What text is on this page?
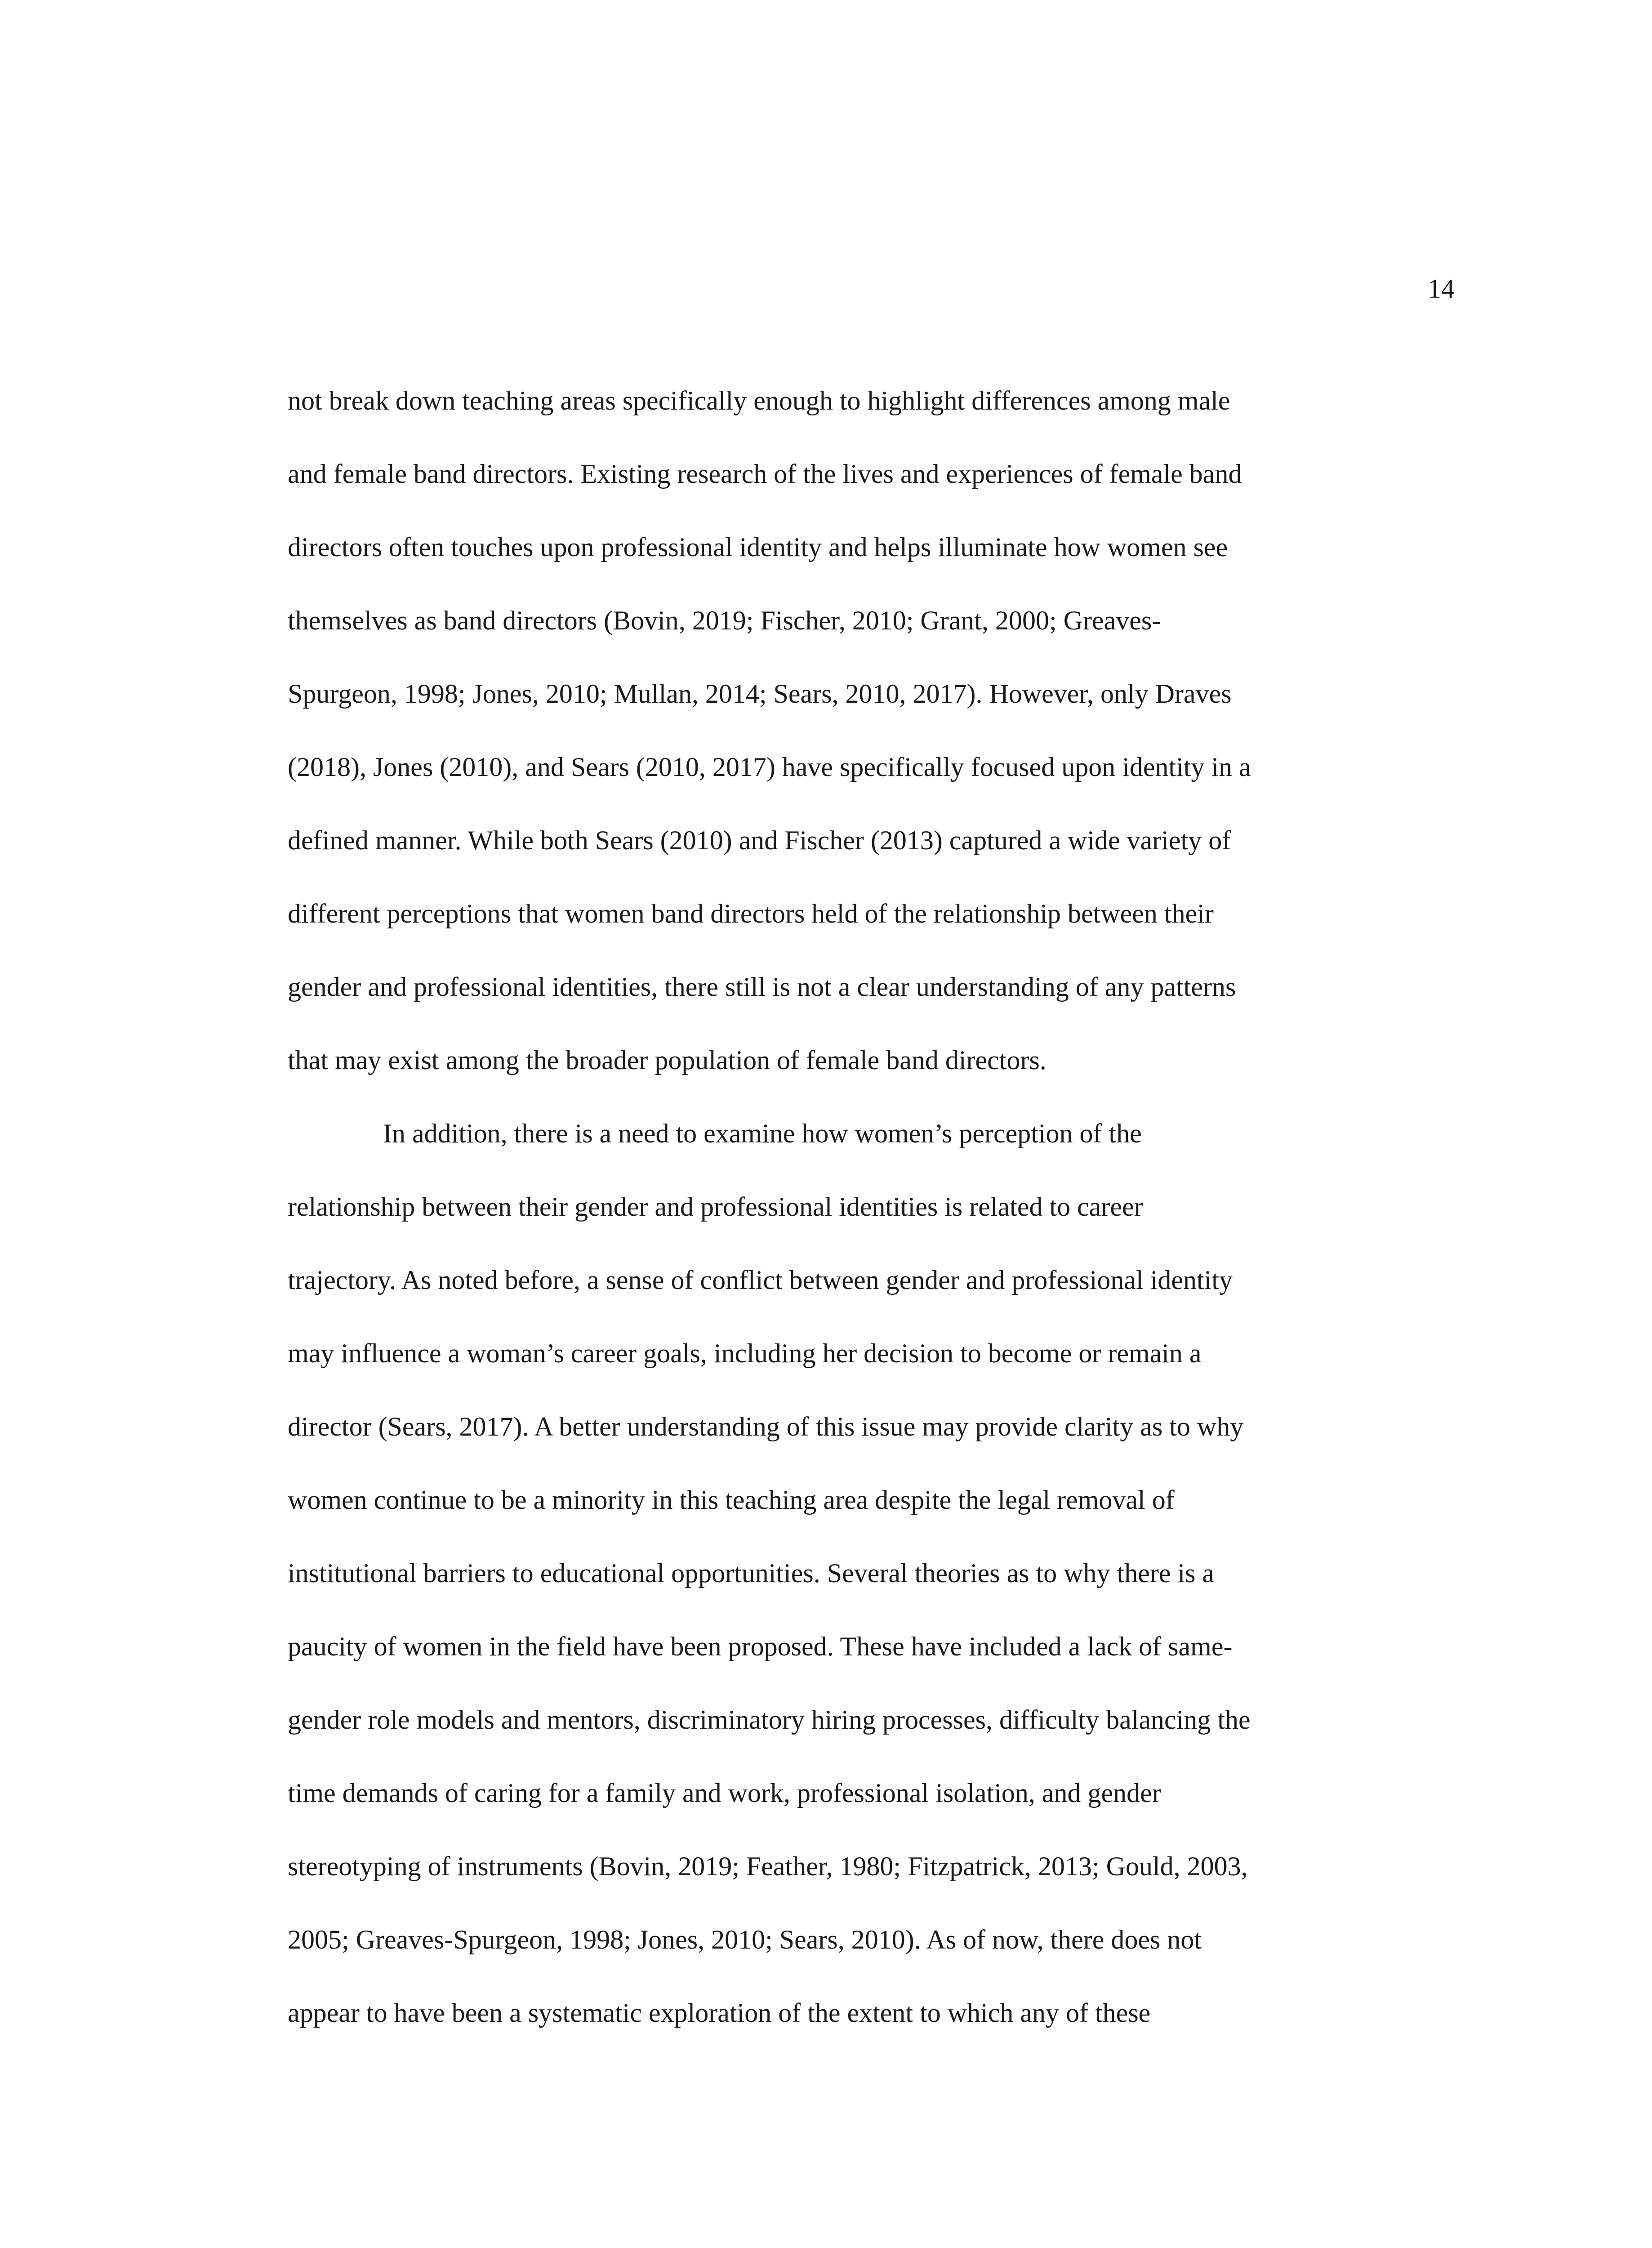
14
not break down teaching areas specifically enough to highlight differences among male
and female band directors. Existing research of the lives and experiences of female band
directors often touches upon professional identity and helps illuminate how women see
themselves as band directors (Bovin, 2019; Fischer, 2010; Grant, 2000; Greaves-
Spurgeon, 1998; Jones, 2010; Mullan, 2014; Sears, 2010, 2017). However, only Draves
(2018), Jones (2010), and Sears (2010, 2017) have specifically focused upon identity in a
defined manner. While both Sears (2010) and Fischer (2013) captured a wide variety of
different perceptions that women band directors held of the relationship between their
gender and professional identities, there still is not a clear understanding of any patterns
that may exist among the broader population of female band directors.
In addition, there is a need to examine how women’s perception of the
relationship between their gender and professional identities is related to career
trajectory. As noted before, a sense of conflict between gender and professional identity
may influence a woman’s career goals, including her decision to become or remain a
director (Sears, 2017). A better understanding of this issue may provide clarity as to why
women continue to be a minority in this teaching area despite the legal removal of
institutional barriers to educational opportunities. Several theories as to why there is a
paucity of women in the field have been proposed. These have included a lack of same-
gender role models and mentors, discriminatory hiring processes, difficulty balancing the
time demands of caring for a family and work, professional isolation, and gender
stereotyping of instruments (Bovin, 2019; Feather, 1980; Fitzpatrick, 2013; Gould, 2003,
2005; Greaves-Spurgeon, 1998; Jones, 2010; Sears, 2010). As of now, there does not
appear to have been a systematic exploration of the extent to which any of these
